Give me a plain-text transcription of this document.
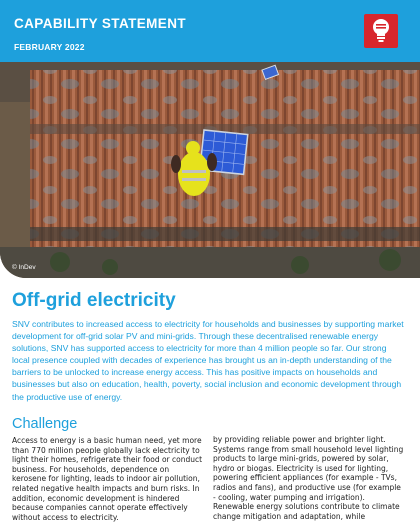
CAPABILITY STATEMENT
FEBRUARY 2022
© InDev
Off-grid electricity

SNV contributes to increased access to electricity for households and businesses by supporting market development for off-grid solar PV and mini-grids. Through these decentralised renewable energy solutions, SNV has supported access to electricity for more than 4 million people so far. Our strong local presence coupled with decades of experience has brought us an in-depth understanding of the barriers to be unlocked to increase energy access. This has positive impacts on households and businesses but also on education, health, poverty, social inclusion and economic development through the productive use of energy.

Challenge

Access to energy is a basic human need, yet more than 770 million people globally lack electricity to light their homes, refrigerate their food or conduct business. For households, dependence on kerosene for lighting, leads to indoor air pollution, related negative health impacts and burn risks. In addition, economic development is hindered because companies cannot operate effectively without access to electricity.

by providing reliable power and brighter light. Systems range from small household level lighting products to large mini-grids, powered by solar, hydro or biogas. Electricity is used for lighting, powering efficient appliances (for example - TVs, radios and fans), and productive use (for example - cooling, water pumping and irrigation). Renewable energy solutions contribute to climate change mitigation and adaptation, while
